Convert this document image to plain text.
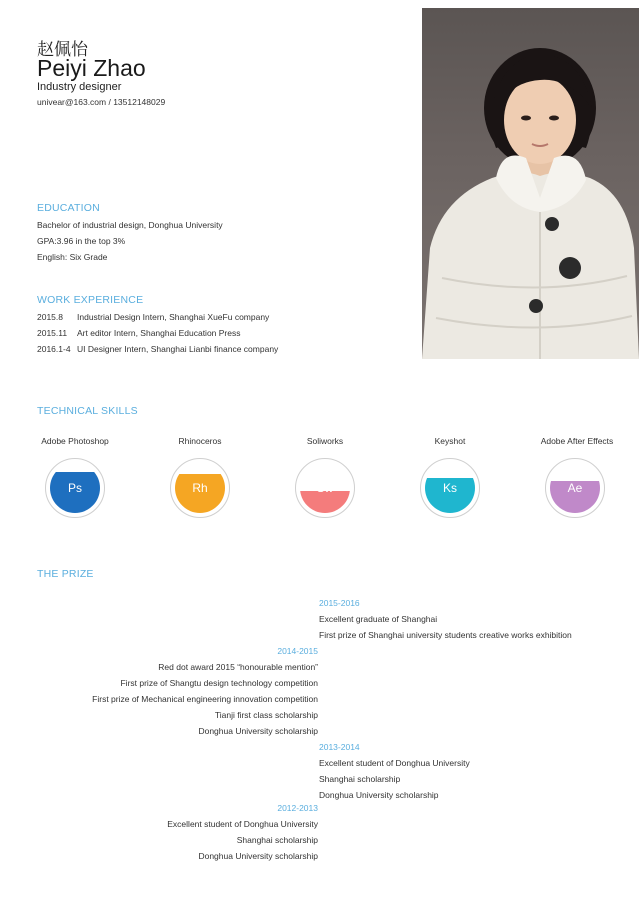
赵佩怡
Peiyi Zhao
Industry designer
univear@163.com / 13512148029
EDUCATION
Bachelor of industrial design, Donghua University
GPA:3.96 in the top 3%
English: Six Grade
WORK EXPERIENCE
2015.8 Industrial Design Intern, Shanghai XueFu company
2015.11 Art editor Intern, Shanghai Education Press
2016.1-4 UI Designer Intern, Shanghai Lianbi finance company
TECHNICAL SKILLS
Adobe Photoshop	Rhinoceros	Soliworks	Keyshot	Adobe After Effects
Ps	Rh	Sw	Ks	Ae
THE PRIZE
2015-2016
Excellent graduate of Shanghai
First prize of Shanghai university students creative works exhibition
2014-2015
Red dot award 2015 “honourable mention”
First prize of Shangtu design technology competition
First prize of Mechanical engineering innovation competition
Tianji first class scholarship
Donghua University scholarship
2013-2014
Excellent student of Donghua University
Shanghai scholarship
Donghua University scholarship
2012-2013
Excellent student of Donghua University
Shanghai scholarship
Donghua University scholarship
